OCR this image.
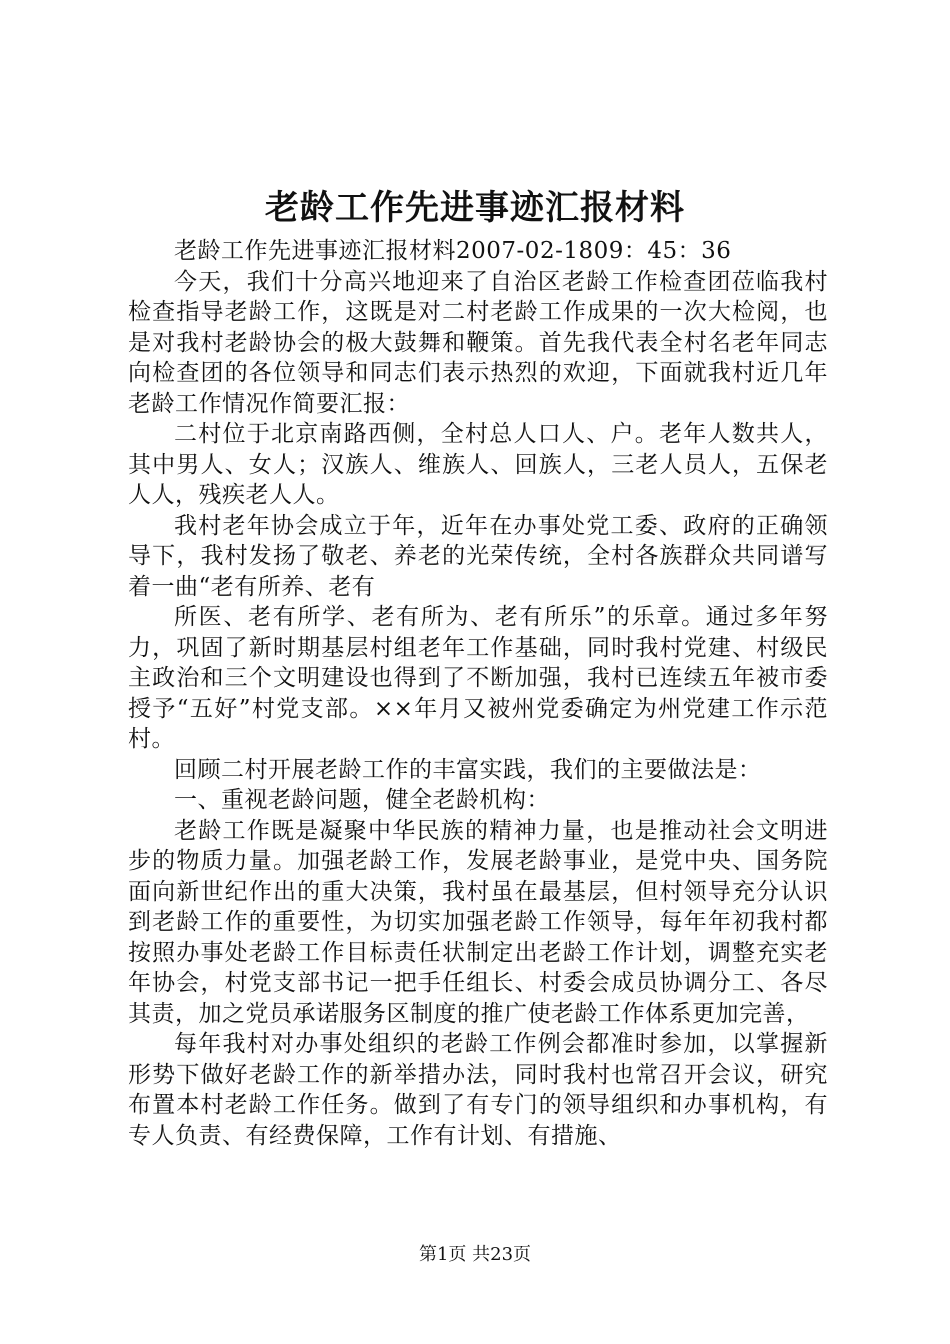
老龄工作先进事迹汇报材料

老龄工作先进事迹汇报材料2007-02-1809：45：36

今天，我们十分高兴地迎来了自治区老龄工作检查团莅临我村检查指导老龄工作，这既是对二村老龄工作成果的一次大检阅，也是对我村老龄协会的极大鼓舞和鞭策。首先我代表全村名老年同志向检查团的各位领导和同志们表示热烈的欢迎，下面就我村近几年老龄工作情况作简要汇报：

二村位于北京南路西侧，全村总人口人、户。老年人数共人，其中男人、女人；汉族人、维族人、回族人，三老人员人，五保老人人，残疾老人人。

我村老年协会成立于年，近年在办事处党工委、政府的正确领导下，我村发扬了敬老、养老的光荣传统，全村各族群众共同谱写着一曲“老有所养、老有

所医、老有所学、老有所为、老有所乐”的乐章。通过多年努力，巩固了新时期基层村组老年工作基础，同时我村党建、村级民主政治和三个文明建设也得到了不断加强，我村已连续五年被市委授予“五好”村党支部。××年月又被州党委确定为州党建工作示范村。

回顾二村开展老龄工作的丰富实践，我们的主要做法是：

一、重视老龄问题，健全老龄机构：

老龄工作既是凝聚中华民族的精神力量，也是推动社会文明进步的物质力量。加强老龄工作，发展老龄事业，是党中央、国务院面向新世纪作出的重大决策，我村虽在最基层，但村领导充分认识到老龄工作的重要性，为切实加强老龄工作领导，每年年初我村都按照办事处老龄工作目标责任状制定出老龄工作计划，调整充实老年协会，村党支部书记一把手任组长、村委会成员协调分工、各尽其责，加之党员承诺服务区制度的推广使老龄工作体系更加完善，

每年我村对办事处组织的老龄工作例会都准时参加，以掌握新形势下做好老龄工作的新举措办法，同时我村也常召开会议，研究布置本村老龄工作任务。做到了有专门的领导组织和办事机构，有专人负责、有经费保障，工作有计划、有措施、

第1页 共23页
